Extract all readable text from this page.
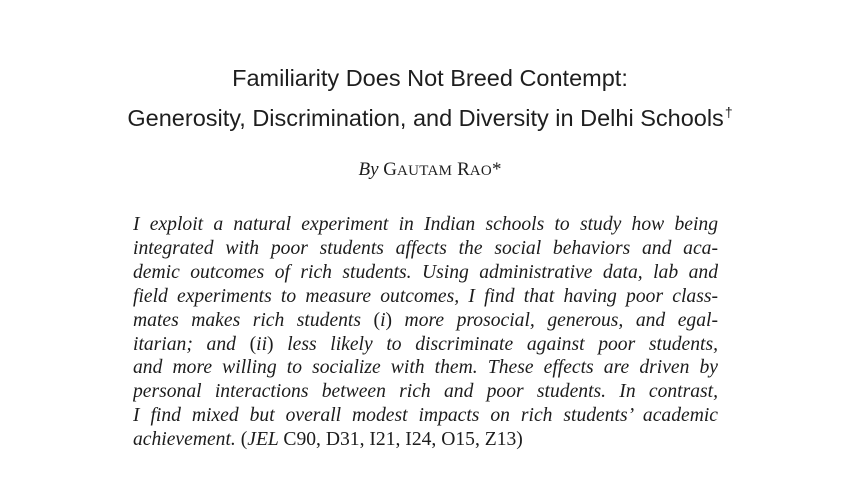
Familiarity Does Not Breed Contempt:
Generosity, Discrimination, and Diversity in Delhi Schools†
By GAUTAM RAO*
I exploit a natural experiment in Indian schools to study how being
integrated with poor students affects the social behaviors and aca-
demic outcomes of rich students. Using administrative data, lab and
field experiments to measure outcomes, I find that having poor class-
mates makes rich students (i) more prosocial, generous, and egal-
itarian; and (ii) less likely to discriminate against poor students,
and more willing to socialize with them. These effects are driven by
personal interactions between rich and poor students. In contrast,
I find mixed but overall modest impacts on rich students’ academic
achievement. (JEL C90, D31, I21, I24, O15, Z13)
